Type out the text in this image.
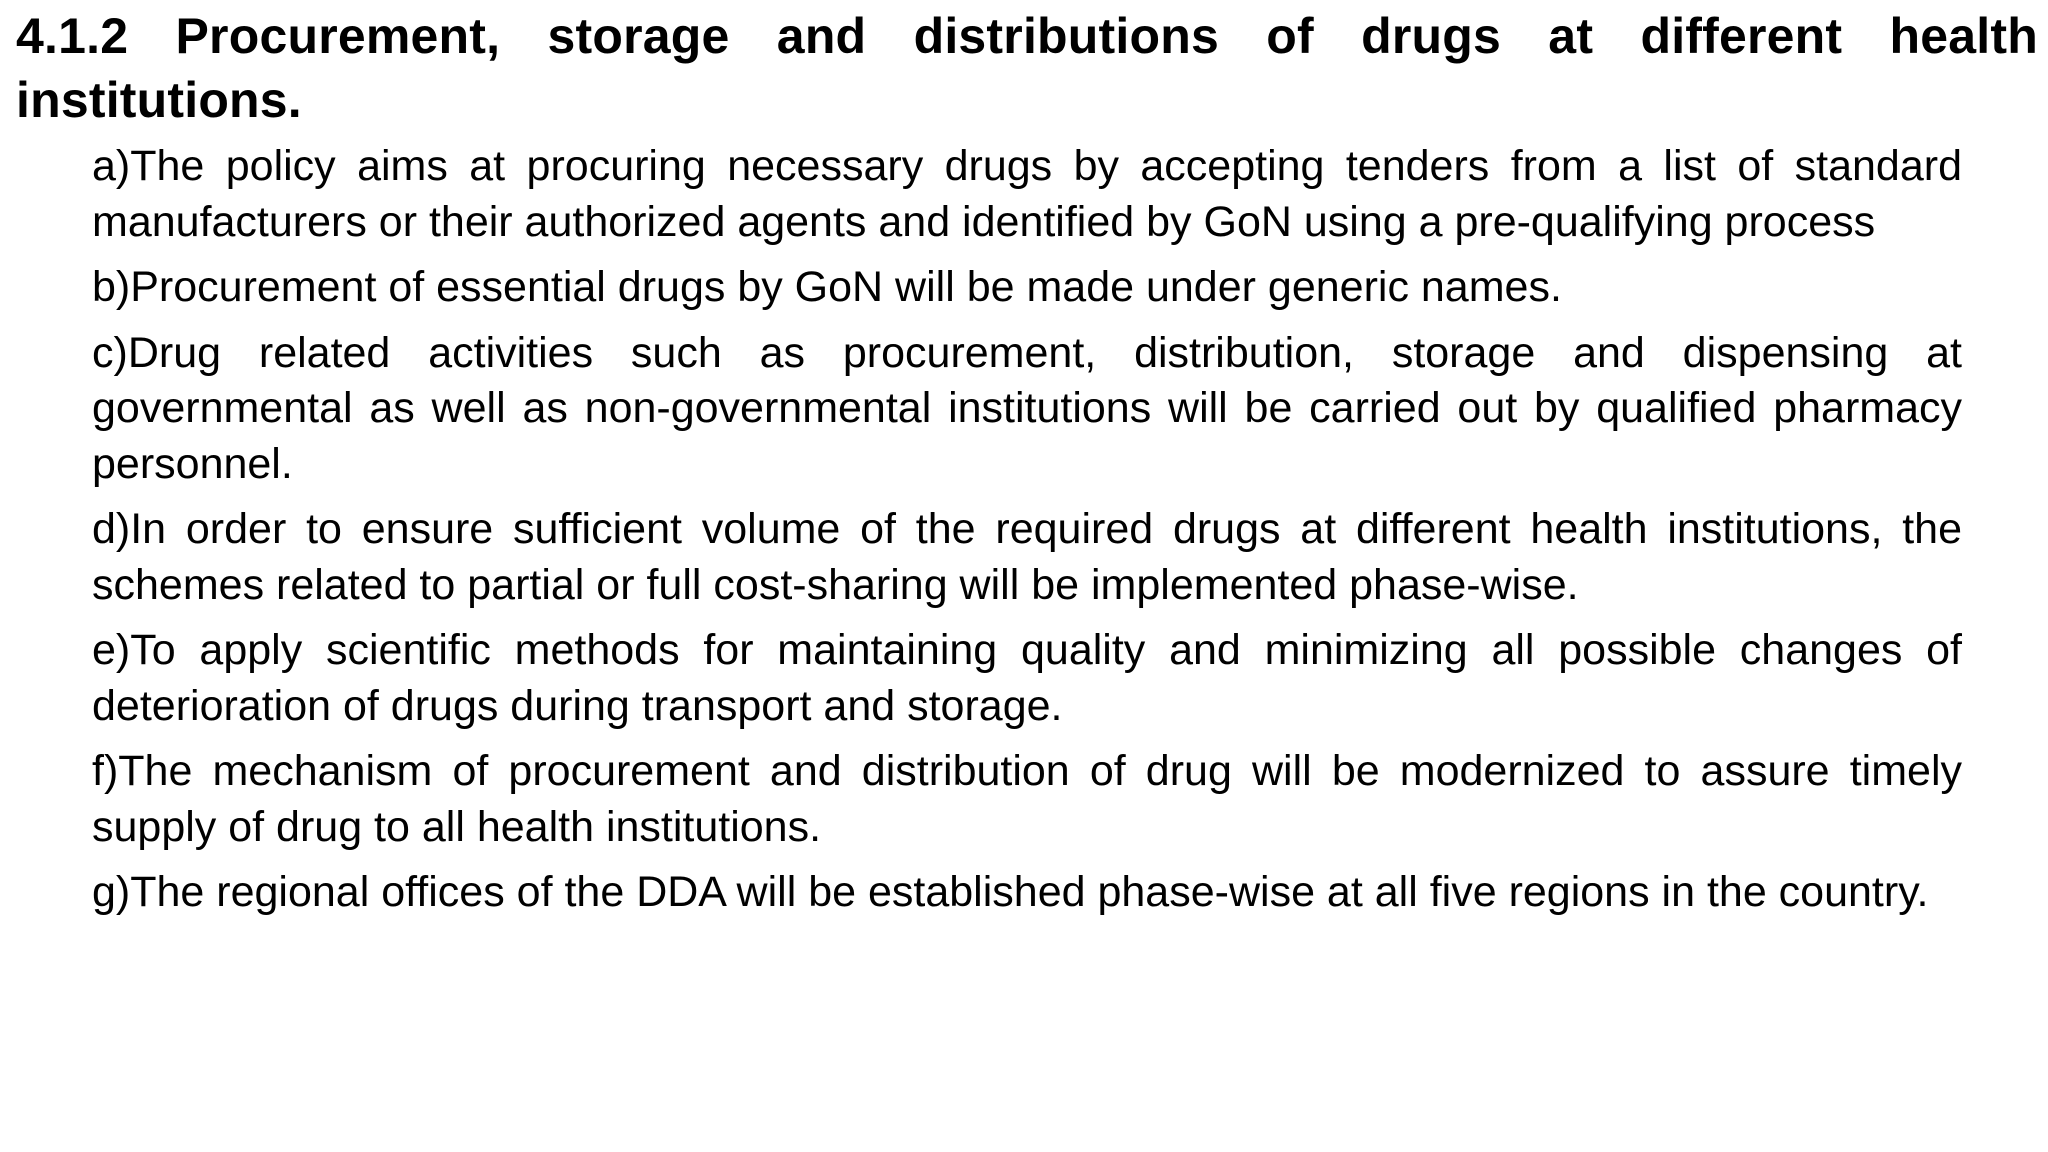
4.1.2 Procurement, storage and distributions of drugs at different health institutions.
a)The policy aims at procuring necessary drugs by accepting tenders from a list of standard manufacturers or their authorized agents and identified by GoN using a pre-qualifying process
b)Procurement of essential drugs by GoN will be made under generic names.
c)Drug related activities such as procurement, distribution, storage and dispensing at governmental as well as non-governmental institutions will be carried out by qualified pharmacy personnel.
d)In order to ensure sufficient volume of the required drugs at different health institutions, the schemes related to partial or full cost-sharing will be implemented phase-wise.
e)To apply scientific methods for maintaining quality and minimizing all possible changes of deterioration of drugs during transport and storage.
f)The mechanism of procurement and distribution of drug will be modernized to assure timely supply of drug to all health institutions.
g)The regional offices of the DDA will be established phase-wise at all five regions in the country.
